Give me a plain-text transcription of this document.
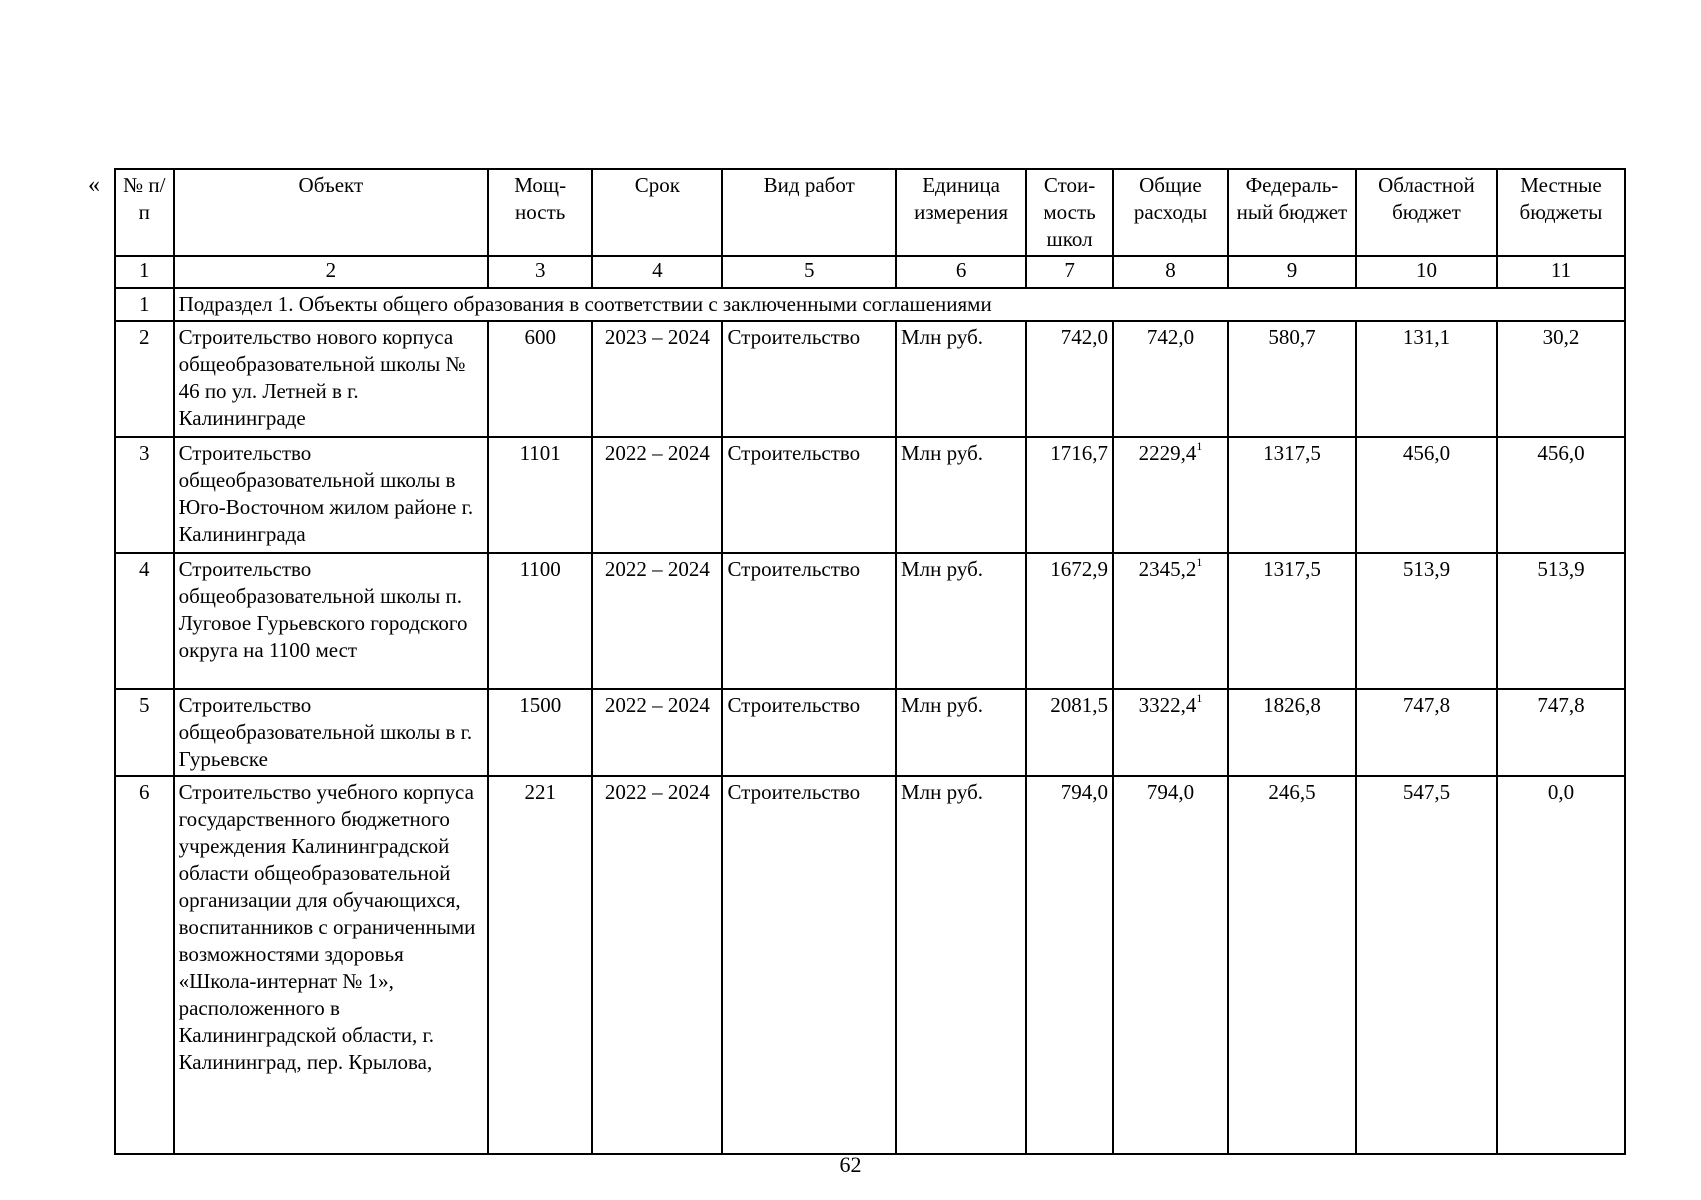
« № п/п	Объект	Мощ-ность	Срок	Вид работ	Единица измерения	Стои-мость школ	Общие расходы	Федераль-ный бюджет	Областной бюджет	Местные бюджеты
1	2	3	4	5	6	7	8	9	10	11
1	Подраздел 1. Объекты общего образования в соответствии с заключенными соглашениями									
2	Строительство нового корпуса общеобразовательной школы № 46 по ул. Летней в г. Калининграде	600	2023 – 2024	Строительство	Млн руб.	742,0	742,0	580,7	131,1	30,2
3	Строительство общеобразовательной школы в Юго-Восточном жилом районе г. Калининграда	1101	2022 – 2024	Строительство	Млн руб.	1716,7	2229,4$^1$	1317,5	456,0	456,0
4	Строительство общеобразовательной школы п. Луговое Гурьевского городского округа на 1100 мест	1100	2022 – 2024	Строительство	Млн руб.	1672,9	2345,2$^1$	1317,5	513,9	513,9
5	Строительство общеобразовательной школы в г. Гурьевске	1500	2022 – 2024	Строительство	Млн руб.	2081,5	3322,4$^1$	1826,8	747,8	747,8
6	Строительство учебного корпуса государственного бюджетного учреждения Калининградской области общеобразовательной организации для обучающихся, воспитанников с ограниченными возможностями здоровья «Школа-интернат № 1», расположенного в Калининградской области, г. Калининград, пер. Крылова,	221	2022 – 2024	Строительство	Млн руб.	794,0	794,0	246,5	547,5	0,0
62
